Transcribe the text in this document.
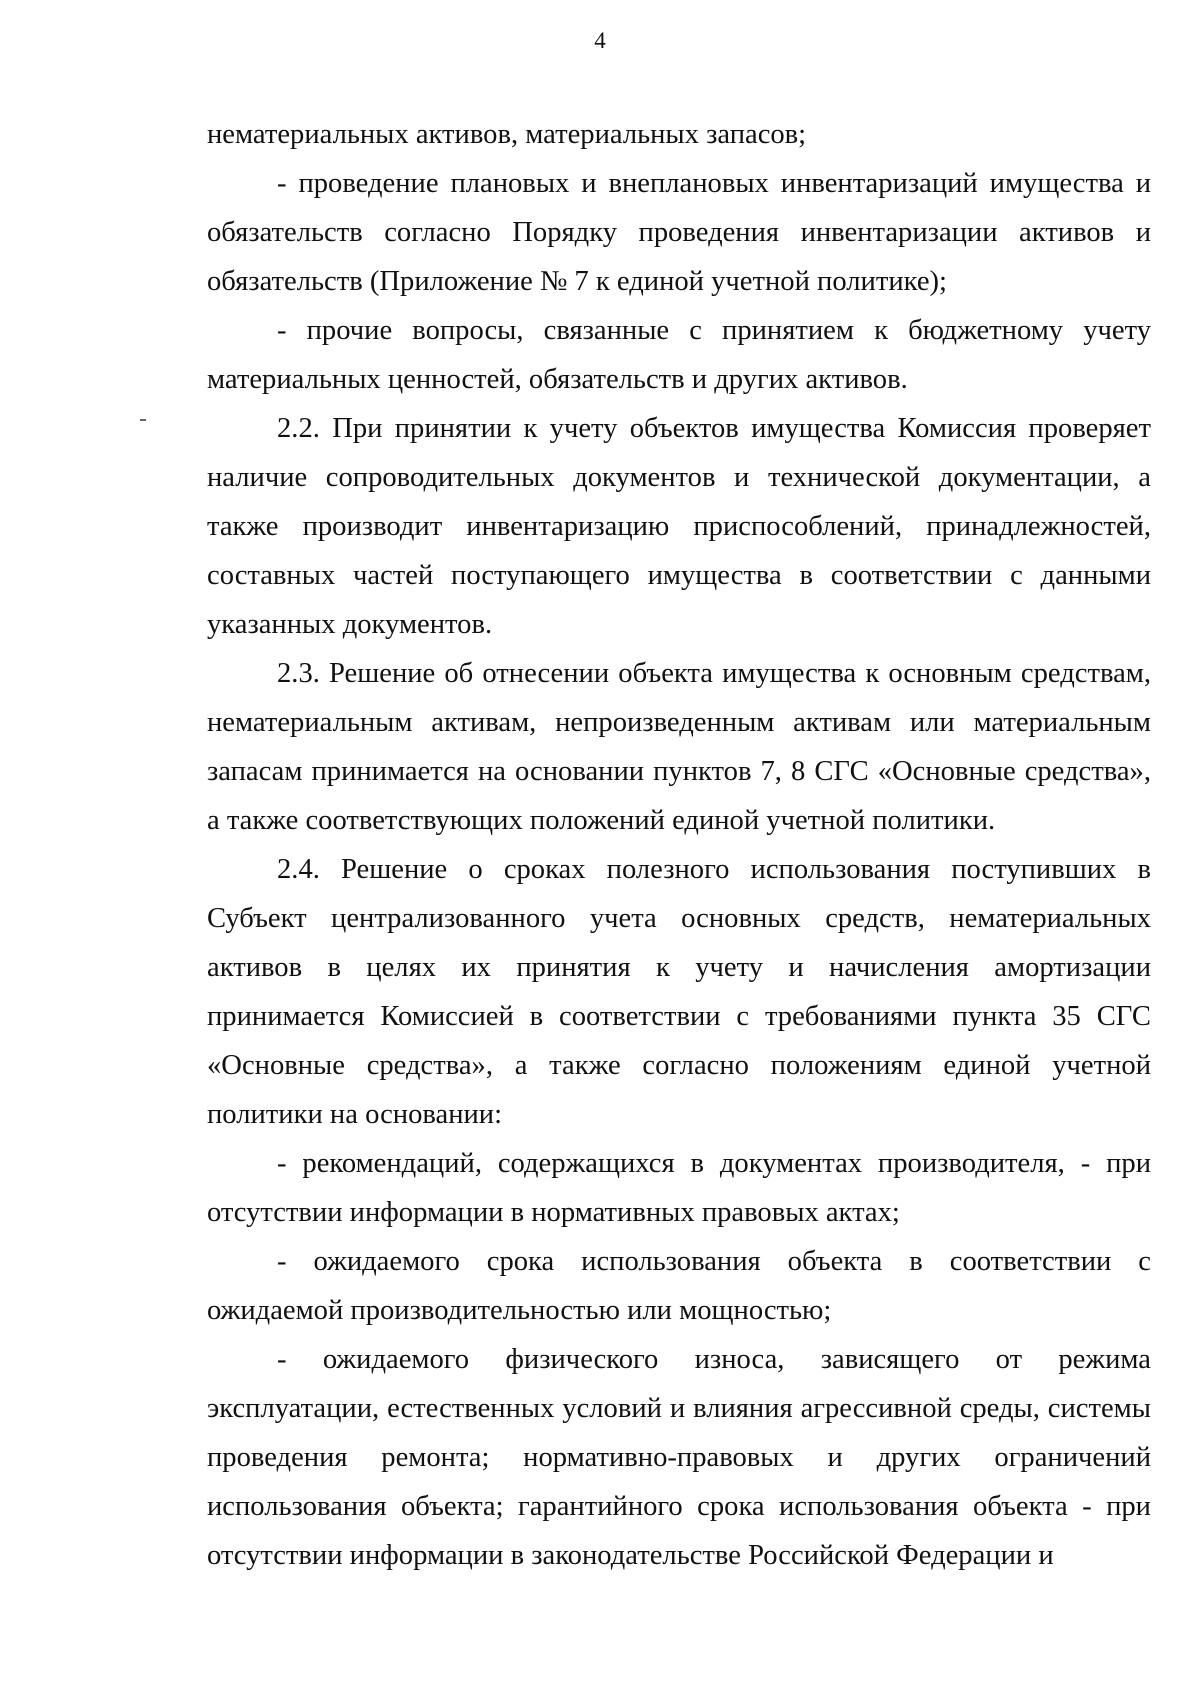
4

нематериальных активов, материальных запасов;

- проведение плановых и внеплановых инвентаризаций имущества и обязательств согласно Порядку проведения инвентаризации активов и обязательств (Приложение № 7 к единой учетной политике);

- прочие вопросы, связанные с принятием к бюджетному учету материальных ценностей, обязательств и других активов.

2.2. При принятии к учету объектов имущества Комиссия проверяет наличие сопроводительных документов и технической документации, а также производит инвентаризацию приспособлений, принадлежностей, составных частей поступающего имущества в соответствии с данными указанных документов.

2.3. Решение об отнесении объекта имущества к основным средствам, нематериальным активам, непроизведенным активам или материальным запасам принимается на основании пунктов 7, 8 СГС «Основные средства», а также соответствующих положений единой учетной политики.

2.4. Решение о сроках полезного использования поступивших в Субъект централизованного учета основных средств, нематериальных активов в целях их принятия к учету и начисления амортизации принимается Комиссией в соответствии с требованиями пункта 35 СГС «Основные средства», а также согласно положениям единой учетной политики на основании:

- рекомендаций, содержащихся в документах производителя, - при отсутствии информации в нормативных правовых актах;

- ожидаемого срока использования объекта в соответствии с ожидаемой производительностью или мощностью;

- ожидаемого физического износа, зависящего от режима эксплуатации, естественных условий и влияния агрессивной среды, системы проведения ремонта; нормативно-правовых и других ограничений использования объекта; гарантийного срока использования объекта - при отсутствии информации в законодательстве Российской Федерации и
